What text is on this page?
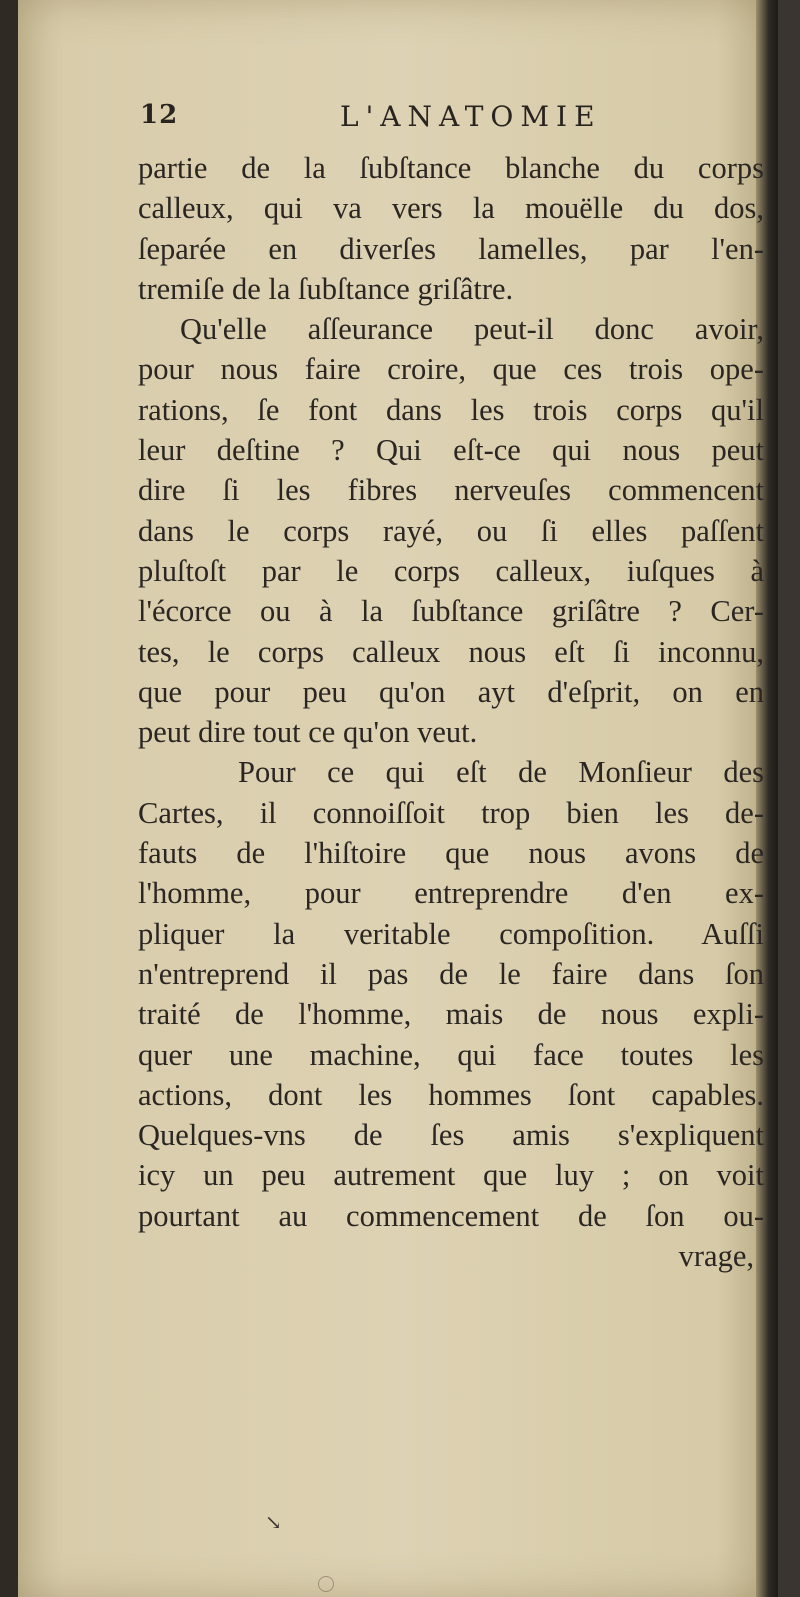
12	L'ANATOMIE
partie de la ſubſtance blanche du corps
calleux, qui va vers la mouëlle du dos,
ſeparée en diverſes lamelles, par l'en-
tremiſe de la ſubſtance griſâtre.
Qu'elle aſſeurance peut-il donc avoir,
pour nous faire croire, que ces trois ope-
rations, ſe font dans les trois corps qu'il
leur deſtine ? Qui eſt-ce qui nous peut
dire ſi les fibres nerveuſes commencent
dans le corps rayé, ou ſi elles paſſent
pluſtoſt par le corps calleux, iuſques à
l'écorce ou à la ſubſtance griſâtre ? Cer-
tes, le corps calleux nous eſt ſi inconnu,
que pour peu qu'on ayt d'eſprit, on en
peut dire tout ce qu'on veut.
Pour ce qui eſt de Monſieur des
Cartes, il connoiſſoit trop bien les de-
fauts de l'hiſtoire que nous avons de
l'homme, pour entreprendre d'en ex-
pliquer la veritable compoſition. Auſſi
n'entreprend il pas de le faire dans ſon
traité de l'homme, mais de nous expli-
quer une machine, qui face toutes les
actions, dont les hommes ſont capables.
Quelques-vns de ſes amis s'expliquent
icy un peu autrement que luy ; on voit
pourtant au commencement de ſon ou-
vrage,
↘
